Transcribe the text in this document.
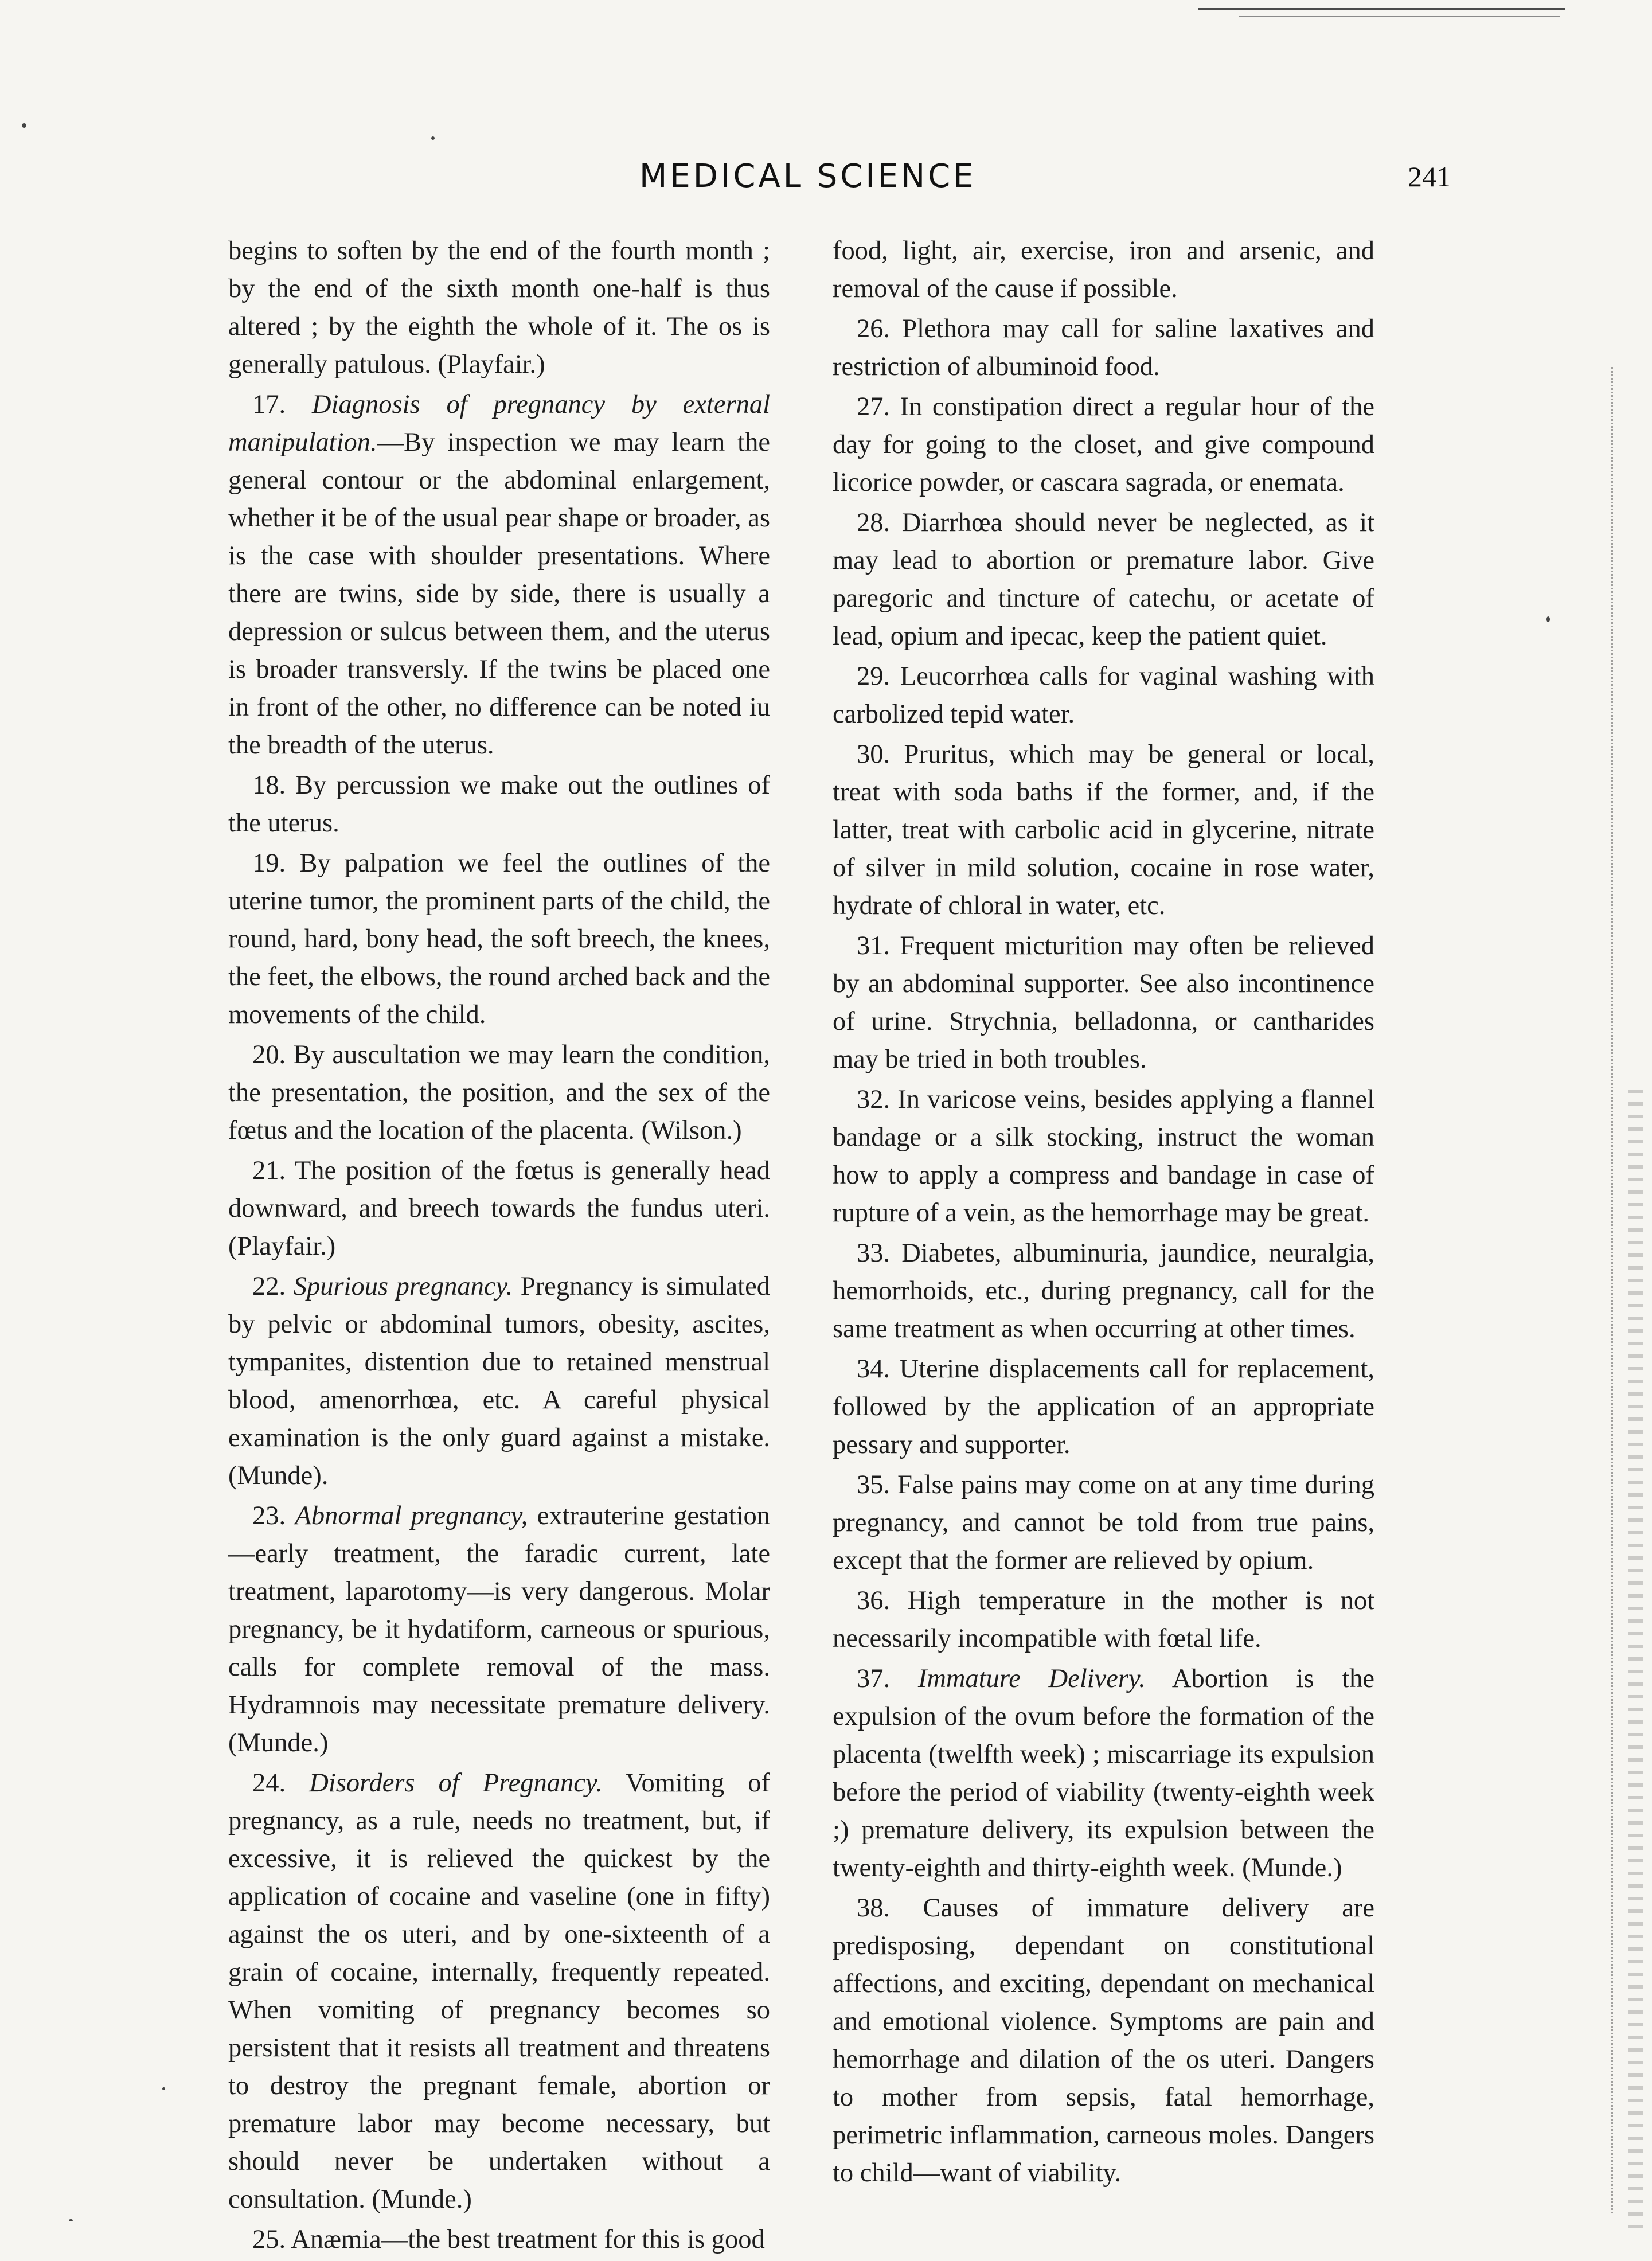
MEDICAL SCIENCE	241

begins to soften by the end of the fourth month ; by the end of the sixth month one-half is thus altered ; by the eighth the whole of it. The os is generally patulous. (Playfair.)

17. Diagnosis of pregnancy by external manipulation.—By inspection we may learn the general contour or the abdominal enlargement, whether it be of the usual pear shape or broader, as is the case with shoulder presentations. Where there are twins, side by side, there is usually a depression or sulcus between them, and the uterus is broader transversly. If the twins be placed one in front of the other, no difference can be noted iu the breadth of the uterus.

18. By percussion we make out the outlines of the uterus.

19. By palpation we feel the outlines of the uterine tumor, the prominent parts of the child, the round, hard, bony head, the soft breech, the knees, the feet, the elbows, the round arched back and the movements of the child.

20. By auscultation we may learn the condition, the presentation, the position, and the sex of the fœtus and the location of the placenta. (Wilson.)

21. The position of the fœtus is generally head downward, and breech towards the fundus uteri. (Playfair.)

22. Spurious pregnancy. Pregnancy is simulated by pelvic or abdominal tumors, obesity, ascites, tympanites, distention due to retained menstrual blood, amenorrhœa, etc. A careful physical examination is the only guard against a mistake. (Munde).

23. Abnormal pregnancy, extrauterine gestation —early treatment, the faradic current, late treatment, laparotomy—is very dangerous. Molar pregnancy, be it hydatiform, carneous or spurious, calls for complete removal of the mass. Hydramnois may necessitate premature delivery. (Munde.)

24. Disorders of Pregnancy. Vomiting of pregnancy, as a rule, needs no treatment, but, if excessive, it is relieved the quickest by the application of cocaine and vaseline (one in fifty) against the os uteri, and by one-sixteenth of a grain of cocaine, internally, frequently repeated. When vomiting of pregnancy becomes so persistent that it resists all treatment and threatens to destroy the pregnant female, abortion or premature labor may become necessary, but should never be undertaken without a consultation. (Munde.)

25. Anæmia—the best treatment for this is good

food, light, air, exercise, iron and arsenic, and removal of the cause if possible.

26. Plethora may call for saline laxatives and restriction of albuminoid food.

27. In constipation direct a regular hour of the day for going to the closet, and give compound licorice powder, or cascara sagrada, or enemata.

28. Diarrhœa should never be neglected, as it may lead to abortion or premature labor. Give paregoric and tincture of catechu, or acetate of lead, opium and ipecac, keep the patient quiet.

29. Leucorrhœa calls for vaginal washing with carbolized tepid water.

30. Pruritus, which may be general or local, treat with soda baths if the former, and, if the latter, treat with carbolic acid in glycerine, nitrate of silver in mild solution, cocaine in rose water, hydrate of chloral in water, etc.

31. Frequent micturition may often be relieved by an abdominal supporter. See also incontinence of urine. Strychnia, belladonna, or cantharides may be tried in both troubles.

32. In varicose veins, besides applying a flannel bandage or a silk stocking, instruct the woman how to apply a compress and bandage in case of rupture of a vein, as the hemorrhage may be great.

33. Diabetes, albuminuria, jaundice, neuralgia, hemorrhoids, etc., during pregnancy, call for the same treatment as when occurring at other times.

34. Uterine displacements call for replacement, followed by the application of an appropriate pessary and supporter.

35. False pains may come on at any time during pregnancy, and cannot be told from true pains, except that the former are relieved by opium.

36. High temperature in the mother is not necessarily incompatible with fœtal life.

37. Immature Delivery. Abortion is the expulsion of the ovum before the formation of the placenta (twelfth week) ; miscarriage its expulsion before the period of viability (twenty-eighth week ;) premature delivery, its expulsion between the twenty-eighth and thirty-eighth week. (Munde.)

38. Causes of immature delivery are predisposing, dependant on constitutional affections, and exciting, dependant on mechanical and emotional violence. Symptoms are pain and hemorrhage and dilation of the os uteri. Dangers to mother from sepsis, fatal hemorrhage, perimetric inflammation, carneous moles. Dangers to child—want of viability.
